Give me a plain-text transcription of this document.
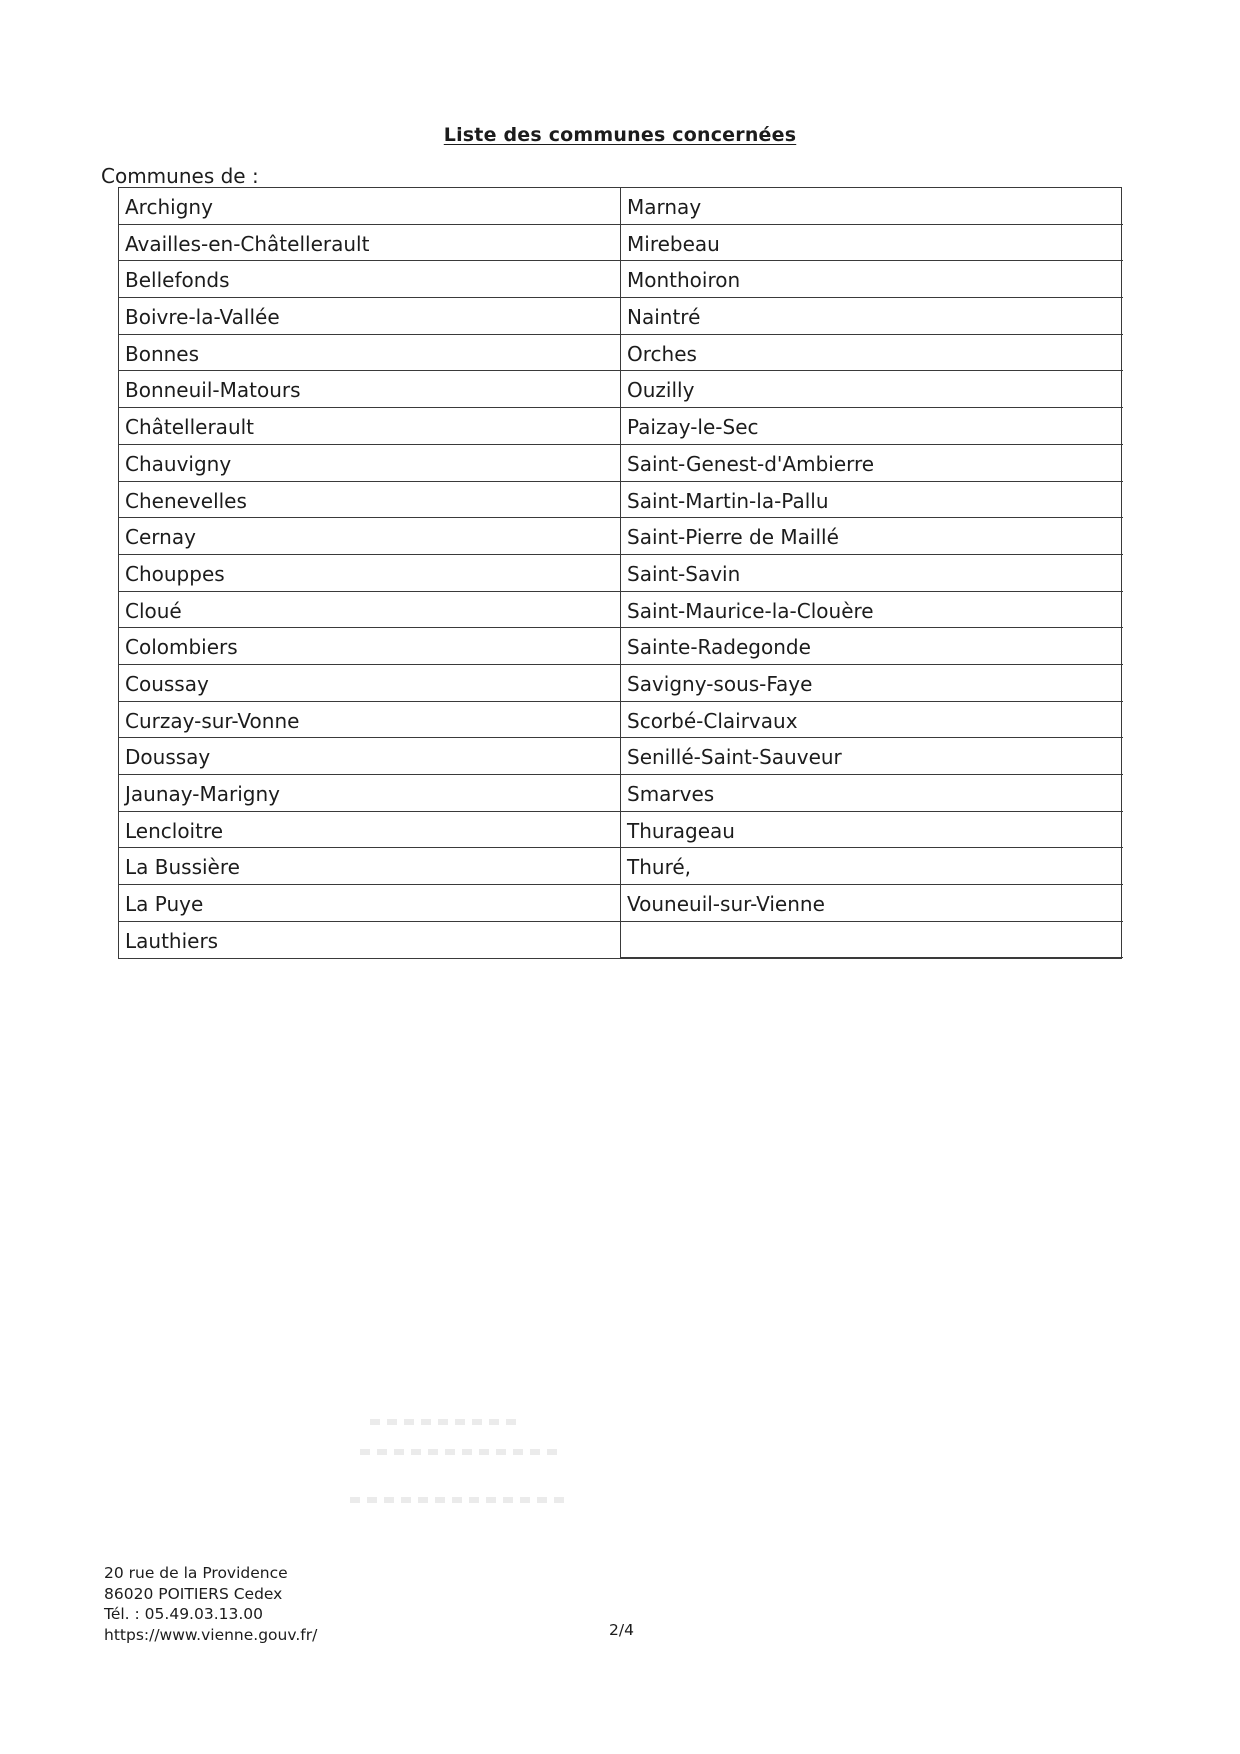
Liste des communes concernées
Communes de :
Archigny
Availles-en-Châtellerault
Bellefonds
Boivre-la-Vallée
Bonnes
Bonneuil-Matours
Châtellerault
Chauvigny
Chenevelles
Cernay
Chouppes
Cloué
Colombiers
Coussay
Curzay-sur-Vonne
Doussay
Jaunay-Marigny
Lencloitre
La Bussière
La Puye
Lauthiers
Marnay
Mirebeau
Monthoiron
Naintré
Orches
Ouzilly
Paizay-le-Sec
Saint-Genest-d'Ambierre
Saint-Martin-la-Pallu
Saint-Pierre de Maillé
Saint-Savin
Saint-Maurice-la-Clouère
Sainte-Radegonde
Savigny-sous-Faye
Scorbé-Clairvaux
Senillé-Saint-Sauveur
Smarves
Thurageau
Thuré,
Vouneuil-sur-Vienne
20 rue de la Providence
86020 POITIERS Cedex
Tél. : 05.49.03.13.00
https://www.vienne.gouv.fr/	2/4
